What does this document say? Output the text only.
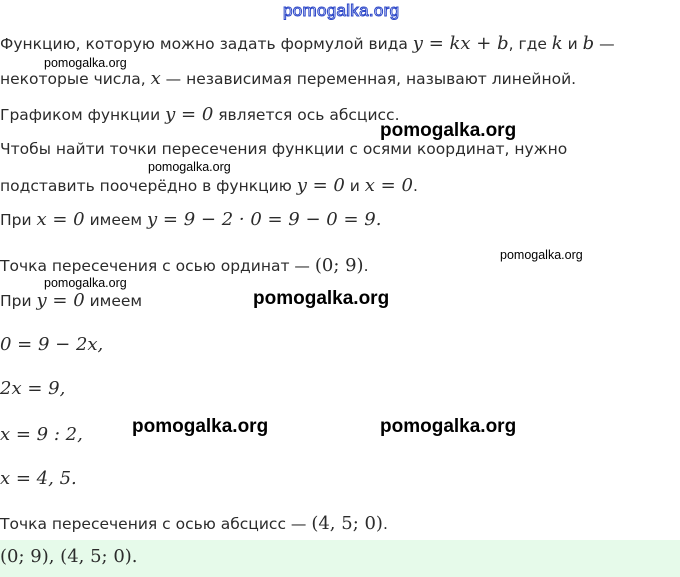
pomogalka.org
Функцию, которую можно задать формулой вида y = kx + b, где k и b —
pomogalka.org
некоторые числа, x — независимая переменная, называют линейной.
Графиком функции y = 0 является ось абсцисс.
pomogalka.org
Чтобы найти точки пересечения функции с осями координат, нужно
pomogalka.org
подставить поочерёдно в функцию y = 0 и x = 0.
При x = 0 имеем y = 9 − 2 · 0 = 9 − 0 = 9.
pomogalka.org
Точка пересечения с осью ординат — (0; 9).
pomogalka.org
При y = 0 имеем	pomogalka.org
0 = 9 − 2x,
2x = 9,
x = 9 : 2,	pomogalka.org	pomogalka.org
x = 4, 5.
Точка пересечения с осью абсцисс — (4, 5; 0).
(0; 9), (4, 5; 0).
